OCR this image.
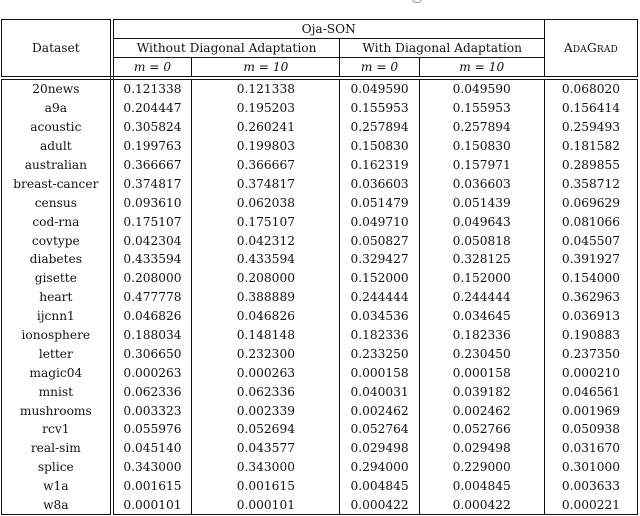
Dataset	Oja-SON				AdaGrad
	Without Diagonal Adaptation		With Diagonal Adaptation		
	m = 0	m = 10	m = 0	m = 10	
20news	0.121338	0.121338	0.049590	0.049590	0.068020
a9a	0.204447	0.195203	0.155953	0.155953	0.156414
acoustic	0.305824	0.260241	0.257894	0.257894	0.259493
adult	0.199763	0.199803	0.150830	0.150830	0.181582
australian	0.366667	0.366667	0.162319	0.157971	0.289855
breast-cancer	0.374817	0.374817	0.036603	0.036603	0.358712
census	0.093610	0.062038	0.051479	0.051439	0.069629
cod-rna	0.175107	0.175107	0.049710	0.049643	0.081066
covtype	0.042304	0.042312	0.050827	0.050818	0.045507
diabetes	0.433594	0.433594	0.329427	0.328125	0.391927
gisette	0.208000	0.208000	0.152000	0.152000	0.154000
heart	0.477778	0.388889	0.244444	0.244444	0.362963
ijcnn1	0.046826	0.046826	0.034536	0.034645	0.036913
ionosphere	0.188034	0.148148	0.182336	0.182336	0.190883
letter	0.306650	0.232300	0.233250	0.230450	0.237350
magic04	0.000263	0.000263	0.000158	0.000158	0.000210
mnist	0.062336	0.062336	0.040031	0.039182	0.046561
mushrooms	0.003323	0.002339	0.002462	0.002462	0.001969
rcv1	0.055976	0.052694	0.052764	0.052766	0.050938
real-sim	0.045140	0.043577	0.029498	0.029498	0.031670
splice	0.343000	0.343000	0.294000	0.229000	0.301000
w1a	0.001615	0.001615	0.004845	0.004845	0.003633
w8a	0.000101	0.000101	0.000422	0.000422	0.000221
